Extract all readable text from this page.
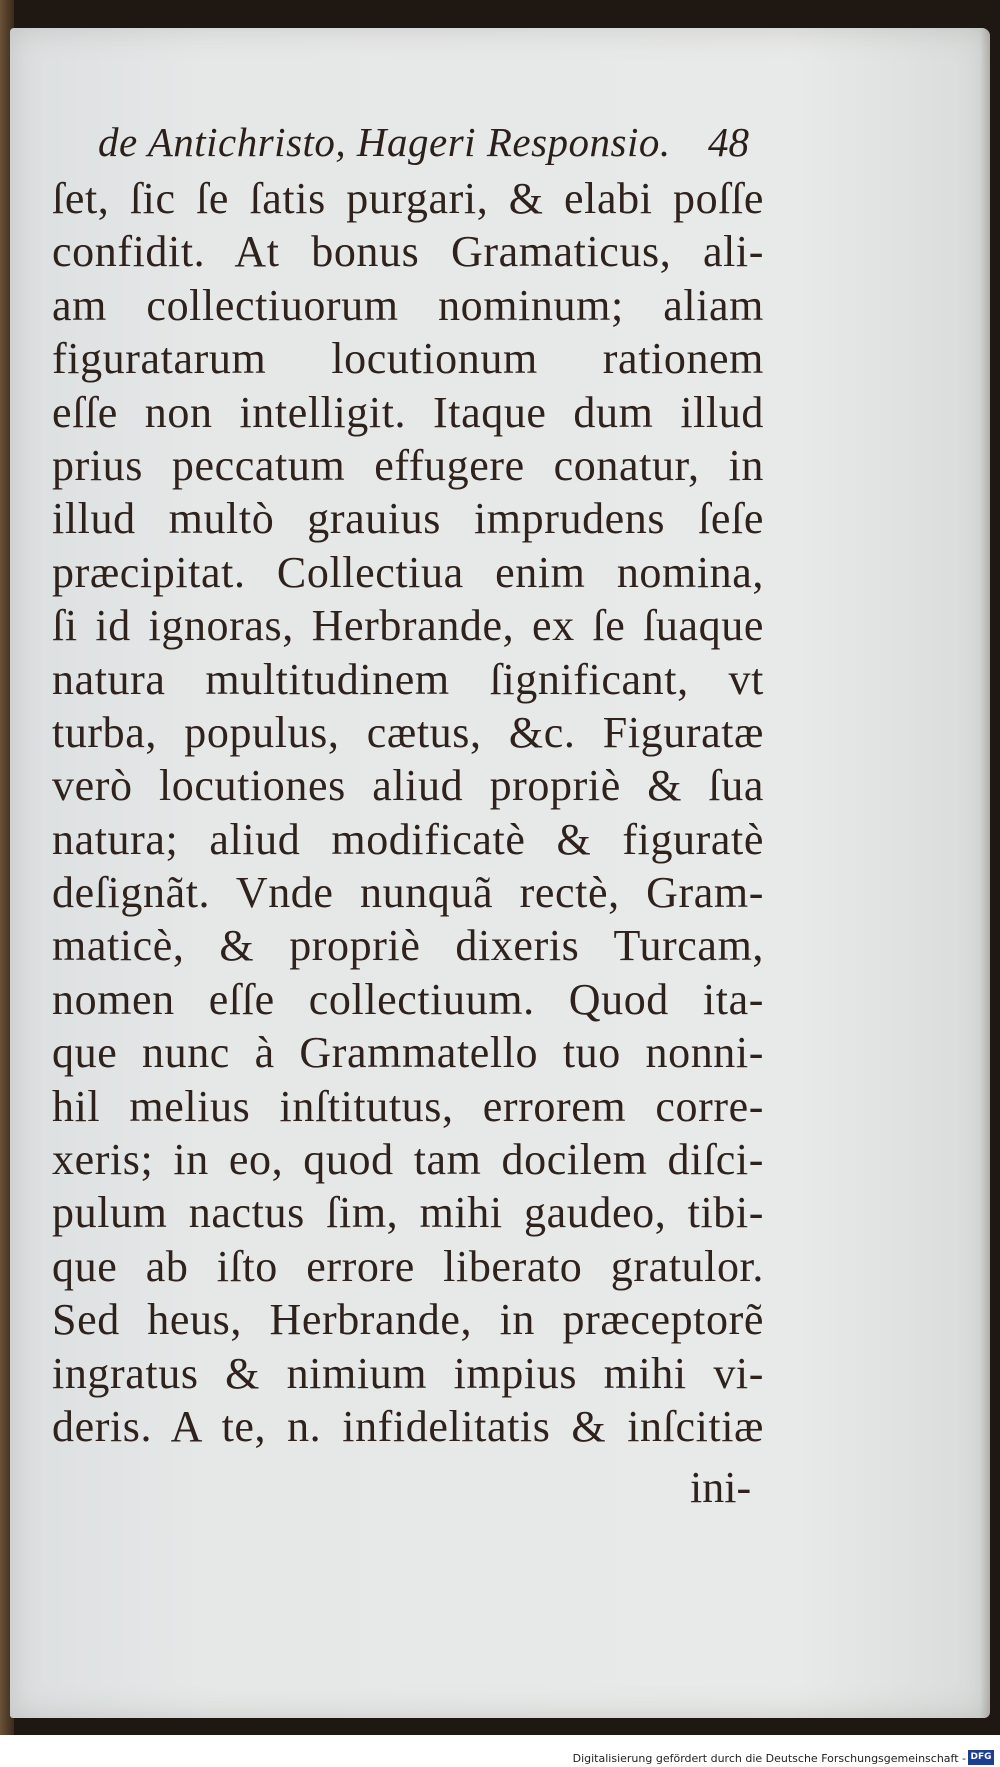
de Antichristo, Hageri Responsio. 48
ſet, ſic ſe ſatis purgari, & elabi poſſe
confidit. At bonus Gramaticus, ali-
am collectiuorum nominum; aliam
figuratarum locutionum rationem
eſſe non intelligit. Itaque dum illud
prius peccatum effugere conatur, in
illud multò grauius imprudens ſeſe
præcipitat. Collectiua enim nomina,
ſi id ignoras, Herbrande, ex ſe ſuaque
natura multitudinem ſignificant, vt
turba, populus, cætus, &c. Figuratæ
verò locutiones aliud propriè & ſua
natura; aliud modificatè & figuratè
deſignãt. Vnde nunquã rectè, Gram-
maticè, & propriè dixeris Turcam,
nomen eſſe collectiuum. Quod ita-
que nunc à Grammatello tuo nonni-
hil melius inſtitutus, errorem corre-
xeris; in eo, quod tam docilem diſci-
pulum nactus ſim, mihi gaudeo, tibi-
que ab iſto errore liberato gratulor.
Sed heus, Herbrande, in præceptorẽ
ingratus & nimium impius mihi vi-
deris. A te, n. infidelitatis & inſcitiæ
ini-
Digitalisierung gefördert durch die Deutsche Forschungsgemeinschaft - DFG
